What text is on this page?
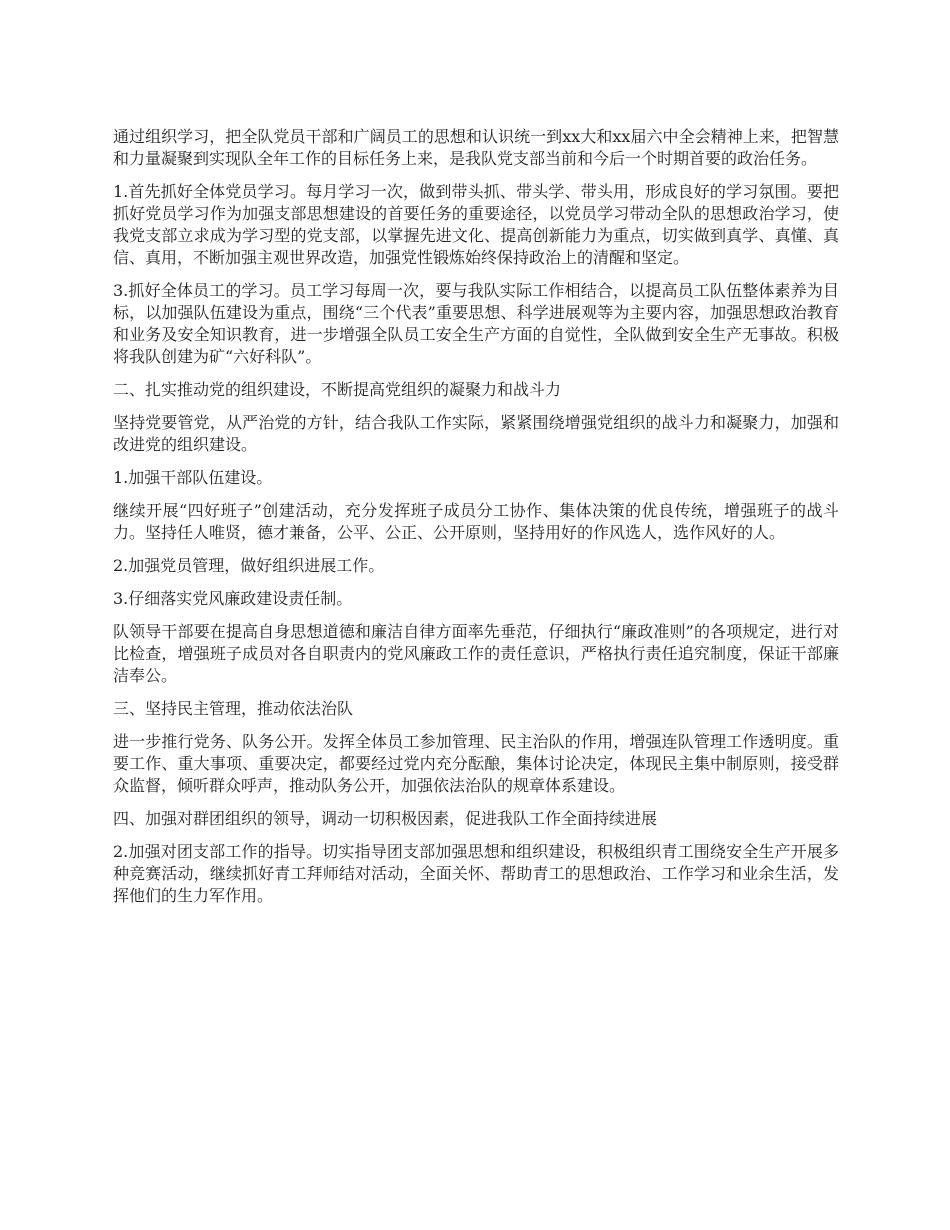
通过组织学习，把全队党员干部和广阔员工的思想和认识统一到xx大和xx届六中全会精神上来，把智慧和力量凝聚到实现队全年工作的目标任务上来，是我队党支部当前和今后一个时期首要的政治任务。

1.首先抓好全体党员学习。每月学习一次，做到带头抓、带头学、带头用，形成良好的学习氛围。要把抓好党员学习作为加强支部思想建设的首要任务的重要途径，以党员学习带动全队的思想政治学习，使我党支部立求成为学习型的党支部，以掌握先进文化、提高创新能力为重点，切实做到真学、真懂、真信、真用，不断加强主观世界改造，加强党性锻炼始终保持政治上的清醒和坚定。

3.抓好全体员工的学习。员工学习每周一次，要与我队实际工作相结合，以提高员工队伍整体素养为目标，以加强队伍建设为重点，围绕“三个代表”重要思想、科学进展观等为主要内容，加强思想政治教育和业务及安全知识教育，进一步增强全队员工安全生产方面的自觉性，全队做到安全生产无事故。积极将我队创建为矿“六好科队”。

二、扎实推动党的组织建设，不断提高党组织的凝聚力和战斗力

坚持党要管党，从严治党的方针，结合我队工作实际，紧紧围绕增强党组织的战斗力和凝聚力，加强和改进党的组织建设。

1.加强干部队伍建设。

继续开展“四好班子”创建活动，充分发挥班子成员分工协作、集体决策的优良传统，增强班子的战斗力。坚持任人唯贤，德才兼备，公平、公正、公开原则，坚持用好的作风选人，选作风好的人。

2.加强党员管理，做好组织进展工作。

3.仔细落实党风廉政建设责任制。

队领导干部要在提高自身思想道德和廉洁自律方面率先垂范，仔细执行“廉政准则”的各项规定，进行对比检查，增强班子成员对各自职责内的党风廉政工作的责任意识，严格执行责任追究制度，保证干部廉洁奉公。

三、坚持民主管理，推动依法治队

进一步推行党务、队务公开。发挥全体员工参加管理、民主治队的作用，增强连队管理工作透明度。重要工作、重大事项、重要决定，都要经过党内充分酝酿，集体讨论决定，体现民主集中制原则，接受群众监督，倾听群众呼声，推动队务公开，加强依法治队的规章体系建设。

四、加强对群团组织的领导，调动一切积极因素，促进我队工作全面持续进展

2.加强对团支部工作的指导。切实指导团支部加强思想和组织建设，积极组织青工围绕安全生产开展多种竞赛活动，继续抓好青工拜师结对活动，全面关怀、帮助青工的思想政治、工作学习和业余生活，发挥他们的生力军作用。
